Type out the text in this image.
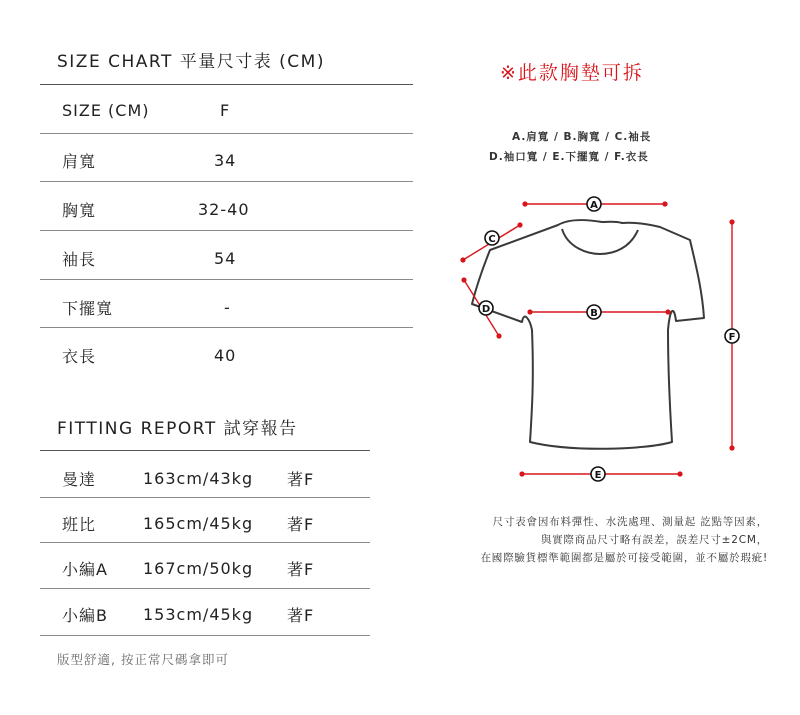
SIZE CHART 平量尺寸表 (CM)
SIZE (CM)	F
肩寬	34
胸寬	32-40
袖長	54
下擺寬	-
衣長	40
FITTING REPORT 試穿報告
曼達	163cm/43kg 著F
班比	165cm/45kg 著F
小編A 167cm/50kg 著F
小編B 153cm/45kg 著F
版型舒適, 按正常尺碼拿即可
※此款胸墊可拆
A.肩寬 / B.胸寬 / C.袖長
D.袖口寬 / E.下擺寬 / F.衣長
A
B
C
D
E
F
尺寸表會因布料彈性、水洗處理、測量起 訖點等因素，
與實際商品尺寸略有誤差，誤差尺寸±2CM，
在國際驗貨標準範圍都是屬於可接受範圍，並不屬於瑕疵!
